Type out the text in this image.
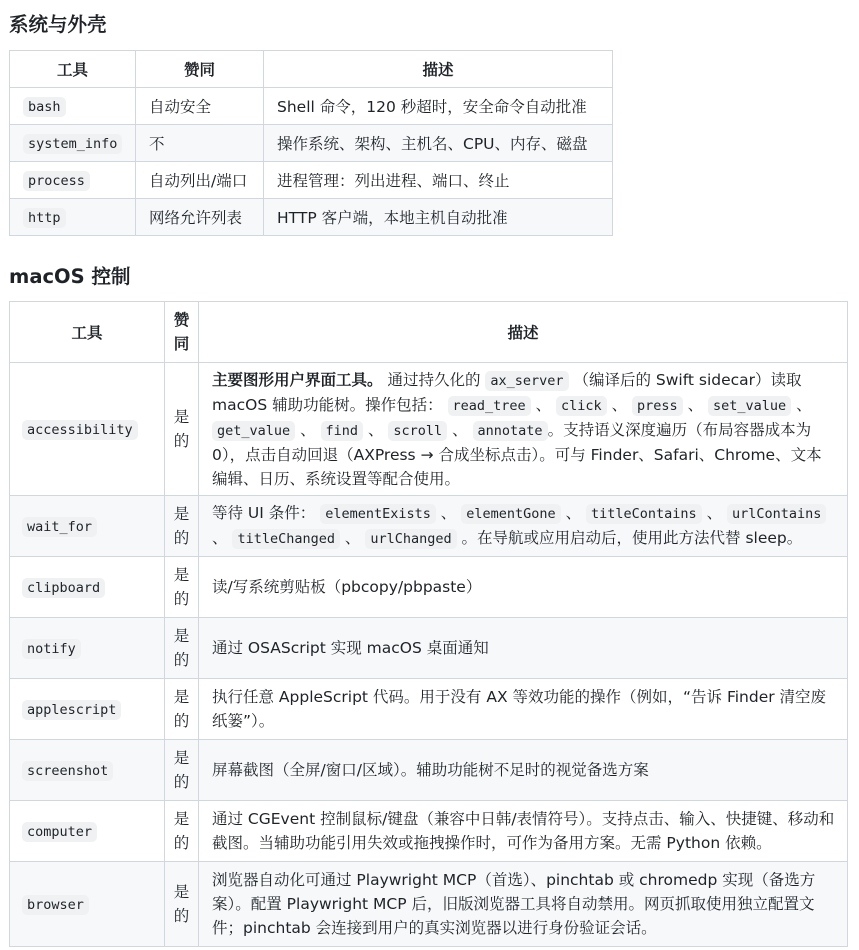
系统与外壳
工具	赞同	描述
bash	自动安全	Shell 命令，120 秒超时，安全命令自动批准
system_info	不	操作系统、架构、主机名、CPU、内存、磁盘
process	自动列出/端口	进程管理：列出进程、端口、终止
http	网络允许列表	HTTP 客户端，本地主机自动批准
macOS 控制
工具	赞同	描述
accessibility	是的	主要图形用户界面工具。 通过持久化的 ax_server （编译后的 Swift sidecar）读取 macOS 辅助功能树。操作包括： read_tree 、 click 、 press 、 set_value 、 get_value 、 find 、 scroll 、 annotate 。支持语义深度遍历（布局容器成本为 0），点击自动回退（AXPress → 合成坐标点击）。可与 Finder、Safari、Chrome、文本编辑、日历、系统设置等配合使用。
wait_for	是的	等待 UI 条件： elementExists 、 elementGone 、 titleContains 、 urlContains 、 titleChanged 、 urlChanged 。在导航或应用启动后，使用此方法代替 sleep。
clipboard	是的	读/写系统剪贴板（pbcopy/pbpaste）
notify	是的	通过 OSAScript 实现 macOS 桌面通知
applescript	是的	执行任意 AppleScript 代码。用于没有 AX 等效功能的操作（例如，“告诉 Finder 清空废纸篓”）。
screenshot	是的	屏幕截图（全屏/窗口/区域）。辅助功能树不足时的视觉备选方案
computer	是的	通过 CGEvent 控制鼠标/键盘（兼容中日韩/表情符号）。支持点击、输入、快捷键、移动和截图。当辅助功能引用失效或拖拽操作时，可作为备用方案。无需 Python 依赖。
browser	是的	浏览器自动化可通过 Playwright MCP（首选）、pinchtab 或 chromedp 实现（备选方案）。配置 Playwright MCP 后，旧版浏览器工具将自动禁用。网页抓取使用独立配置文件；pinchtab 会连接到用户的真实浏览器以进行身份验证会话。
